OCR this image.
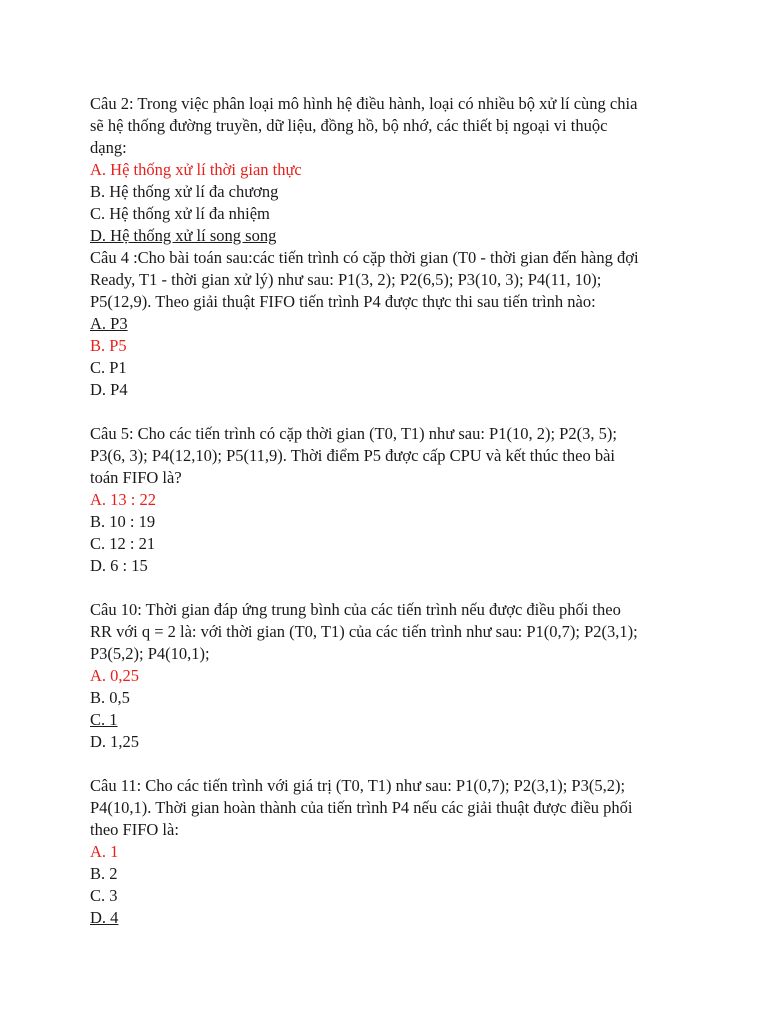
Câu 2: Trong việc phân loại mô hình hệ điều hành, loại có nhiều bộ xử lí cùng chia
sẽ hệ thống đường truyền, dữ liệu, đồng hồ, bộ nhớ, các thiết bị ngoại vi thuộc
dạng:
A. Hệ thống xử lí thời gian thực
B. Hệ thống xử lí đa chương
C. Hệ thống xử lí đa nhiệm
D. Hệ thống xử lí song song
Câu 4 :Cho bài toán sau:các tiến trình có cặp thời gian (T0 - thời gian đến hàng đợi
Ready, T1 - thời gian xử lý) như sau: P1(3, 2); P2(6,5); P3(10, 3); P4(11, 10);
P5(12,9). Theo giải thuật FIFO tiến trình P4 được thực thi sau tiến trình nào:
A. P3
B. P5
C. P1
D. P4
Câu 5: Cho các tiến trình có cặp thời gian (T0, T1) như sau: P1(10, 2); P2(3, 5);
P3(6, 3); P4(12,10); P5(11,9). Thời điểm P5 được cấp CPU và kết thúc theo bài
toán FIFO là?
A. 13 : 22
B. 10 : 19
C. 12 : 21
D. 6 : 15
Câu 10: Thời gian đáp ứng trung bình của các tiến trình nếu được điều phối theo
RR với q = 2 là: với thời gian (T0, T1) của các tiến trình như sau: P1(0,7); P2(3,1);
P3(5,2); P4(10,1);
A. 0,25
B. 0,5
C. 1
D. 1,25
Câu 11: Cho các tiến trình với giá trị (T0, T1) như sau: P1(0,7); P2(3,1); P3(5,2);
P4(10,1). Thời gian hoàn thành của tiến trình P4 nếu các giải thuật được điều phối
theo FIFO là:
A. 1
B. 2
C. 3
D. 4
